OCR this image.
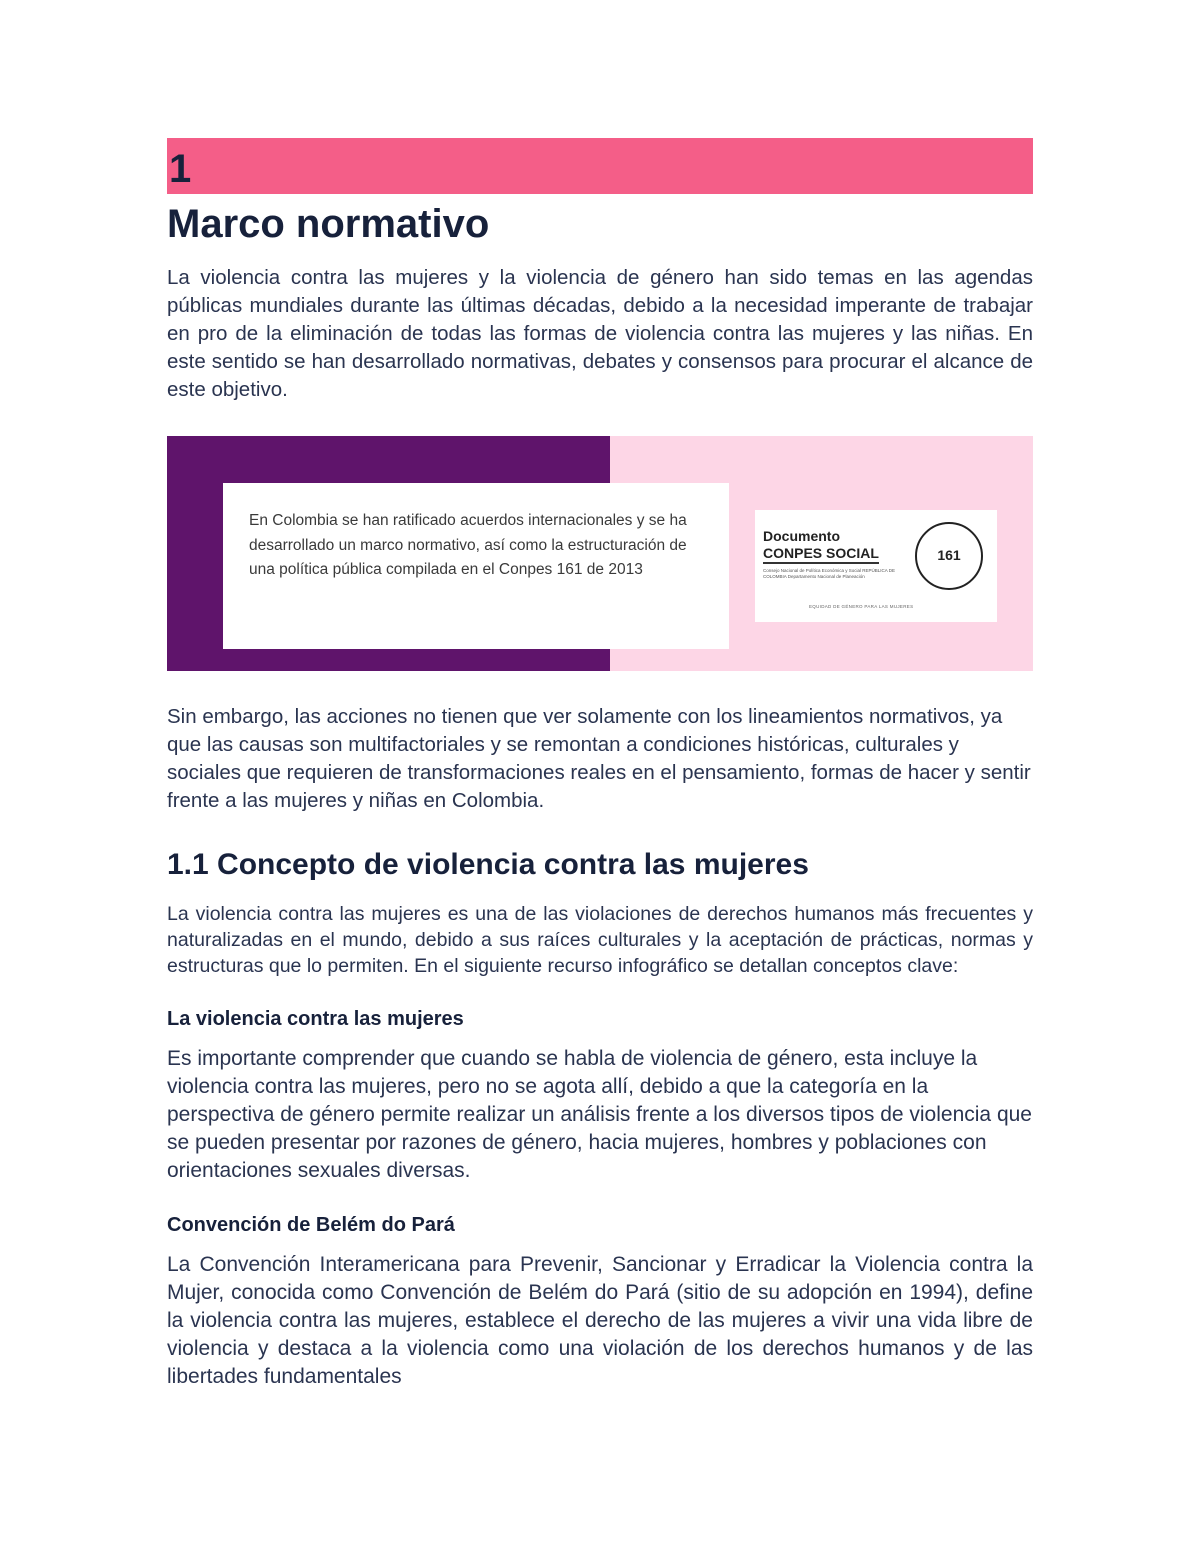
1
Marco normativo

La violencia contra las mujeres y la violencia de género han sido temas en las agendas públicas mundiales durante las últimas décadas, debido a la necesidad imperante de trabajar en pro de la eliminación de todas las formas de violencia contra las mujeres y las niñas. En este sentido se han desarrollado normativas, debates y consensos para procurar el alcance de este objetivo.

En Colombia se han ratificado acuerdos internacionales y se ha desarrollado un marco normativo, así como la estructuración de una política pública compilada en el Conpes 161 de 2013
Documento
CONPES SOCIAL
Consejo Nacional de Política Económica y Social REPÚBLICA DE COLOMBIA Departamento Nacional de Planeación
EQUIDAD DE GÉNERO PARA LAS MUJERES
161

Sin embargo, las acciones no tienen que ver solamente con los lineamientos normativos, ya que las causas son multifactoriales y se remontan a condiciones históricas, culturales y sociales que requieren de transformaciones reales en el pensamiento, formas de hacer y sentir frente a las mujeres y niñas en Colombia.

1.1 Concepto de violencia contra las mujeres

La violencia contra las mujeres es una de las violaciones de derechos humanos más frecuentes y naturalizadas en el mundo, debido a sus raíces culturales y la aceptación de prácticas, normas y estructuras que lo permiten. En el siguiente recurso infográfico se detallan conceptos clave:

La violencia contra las mujeres

Es importante comprender que cuando se habla de violencia de género, esta incluye la violencia contra las mujeres, pero no se agota allí, debido a que la categoría en la perspectiva de género permite realizar un análisis frente a los diversos tipos de violencia que se pueden presentar por razones de género, hacia mujeres, hombres y poblaciones con orientaciones sexuales diversas.

Convención de Belém do Pará

La Convención Interamericana para Prevenir, Sancionar y Erradicar la Violencia contra la Mujer, conocida como Convención de Belém do Pará (sitio de su adopción en 1994), define la violencia contra las mujeres, establece el derecho de las mujeres a vivir una vida libre de violencia y destaca a la violencia como una violación de los derechos humanos y de las libertades fundamentales
